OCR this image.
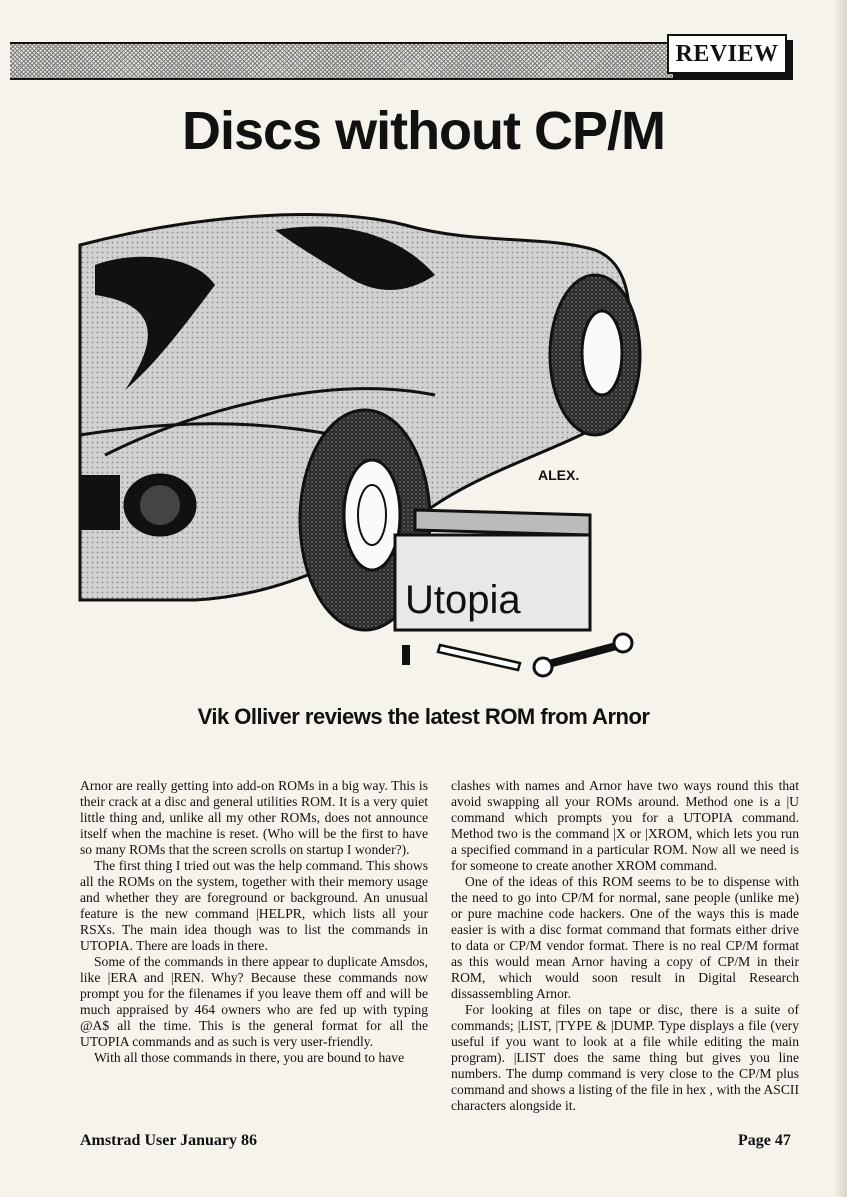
REVIEW
Discs without CP/M
ALEX.
Utopia
Vik Olliver reviews the latest ROM from Arnor

Arnor are really getting into add-on ROMs in a big way. This is their crack at a disc and general utilities ROM. It is a very quiet little thing and, unlike all my other ROMs, does not announce itself when the machine is reset. (Who will be the first to have so many ROMs that the screen scrolls on startup I wonder?).

The first thing I tried out was the help command. This shows all the ROMs on the system, together with their memory usage and whether they are foreground or background. An unusual feature is the new command |HELPR, which lists all your RSXs. The main idea though was to list the commands in UTOPIA. There are loads in there.

Some of the commands in there appear to duplicate Amsdos, like |ERA and |REN. Why? Because these commands now prompt you for the filenames if you leave them off and will be much appraised by 464 owners who are fed up with typing @A$ all the time. This is the general format for all the UTOPIA commands and as such is very user-friendly.

With all those commands in there, you are bound to have

clashes with names and Arnor have two ways round this that avoid swapping all your ROMs around. Method one is a |U command which prompts you for a UTOPIA command. Method two is the command |X or |XROM, which lets you run a specified command in a particular ROM. Now all we need is for someone to create another XROM command.

One of the ideas of this ROM seems to be to dispense with the need to go into CP/M for normal, sane people (unlike me) or pure machine code hackers. One of the ways this is made easier is with a disc format command that formats either drive to data or CP/M vendor format. There is no real CP/M format as this would mean Arnor having a copy of CP/M in their ROM, which would soon result in Digital Research dissassembling Arnor.

For looking at files on tape or disc, there is a suite of commands; |LIST, |TYPE & |DUMP. Type displays a file (very useful if you want to look at a file while editing the main program). |LIST does the same thing but gives you line numbers. The dump command is very close to the CP/M plus command and shows a listing of the file in hex , with the ASCII characters alongside it.

Amstrad User January 86	Page 47
